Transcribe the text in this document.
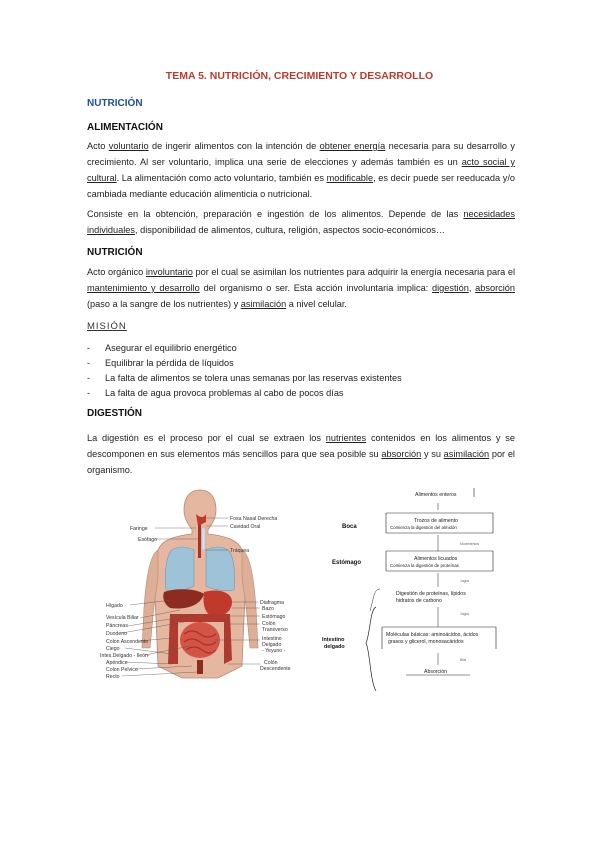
TEMA 5. NUTRICIÓN, CRECIMIENTO Y DESARROLLO
NUTRICIÓN
ALIMENTACIÓN

Acto voluntario de ingerir alimentos con la intención de obtener energía necesaria para su desarrollo y crecimiento. Al ser voluntario, implica una serie de elecciones y además también es un acto social y cultural. La alimentación como acto voluntario, también es modificable, es decir puede ser reeducada y/o cambiada mediante educación alimenticia o nutricional.

Consiste en la obtención, preparación e ingestión de los alimentos. Depende de las necesidades individuales, disponibilidad de alimentos, cultura, religión, aspectos socio-económicos…

NUTRICIÓN

Acto orgánico involuntario por el cual se asimilan los nutrientes para adquirir la energía necesaria para el mantenimiento y desarrollo del organismo o ser. Esta acción involuntaria implica: digestión, absorción (paso a la sangre de los nutrientes) y asimilación a nivel celular.

MISIÓN
- Asegurar el equilibrio energético
- Equilibrar la pérdida de líquidos
- La falta de alimentos se tolera unas semanas por las reservas existentes
- La falta de agua provoca problemas al cabo de pocos días
DIGESTIÓN

La digestión es el proceso por el cual se extraen los nutrientes contenidos en los alimentos y se descomponen en sus elementos más sencillos para que sea posible su absorción y su asimilación por el organismo.

Faringe
Esófago
Hígado
Vesícula Biliar
Páncreas
Duodeno
Colon Ascendente
Ciego
Intes.Delgado - Ileón-
Apéndice
Colon Pelvico
Recto
Fosa Nasal Derecha
Cavidad Oral
Tráquea
Diafragma
Bazo
Estómago
Colón
Transverso
Intestino
Delgado
- Yeyuno -
Colón
Descendente
Alimentos enteros
Boca
Trozos de alimento
Comienza la digestión del almidón
Movimientos
Estómago
Alimentos licuados
Comienza la digestión de proteínas
Jugos
Digestión de proteínas, lípidos
hidratos de carbono
Intestino
delgado
Jugos
Moléculas básicas: aminoácidos, ácidos
grasos y glicerol, monosacáridos
Bilis
Absorción
